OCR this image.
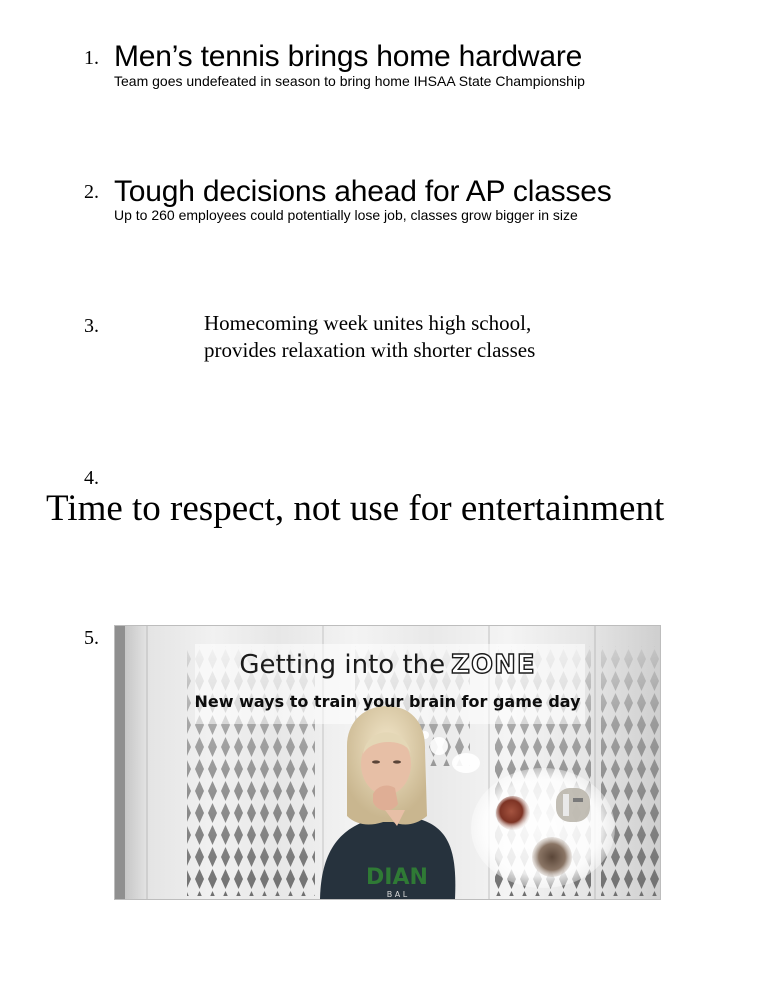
1. Men’s tennis brings home hardware
Team goes undefeated in season to bring home IHSAA State Championship
2. Tough decisions ahead for AP classes
Up to 260 employees could potentially lose job, classes grow bigger in size
3.	Homecoming week unites high school,
provides relaxation with shorter classes
4.
Time to respect, not use for entertainment
5.
DIAN
B A L
Getting into the ZONE
New ways to train your brain for game day
